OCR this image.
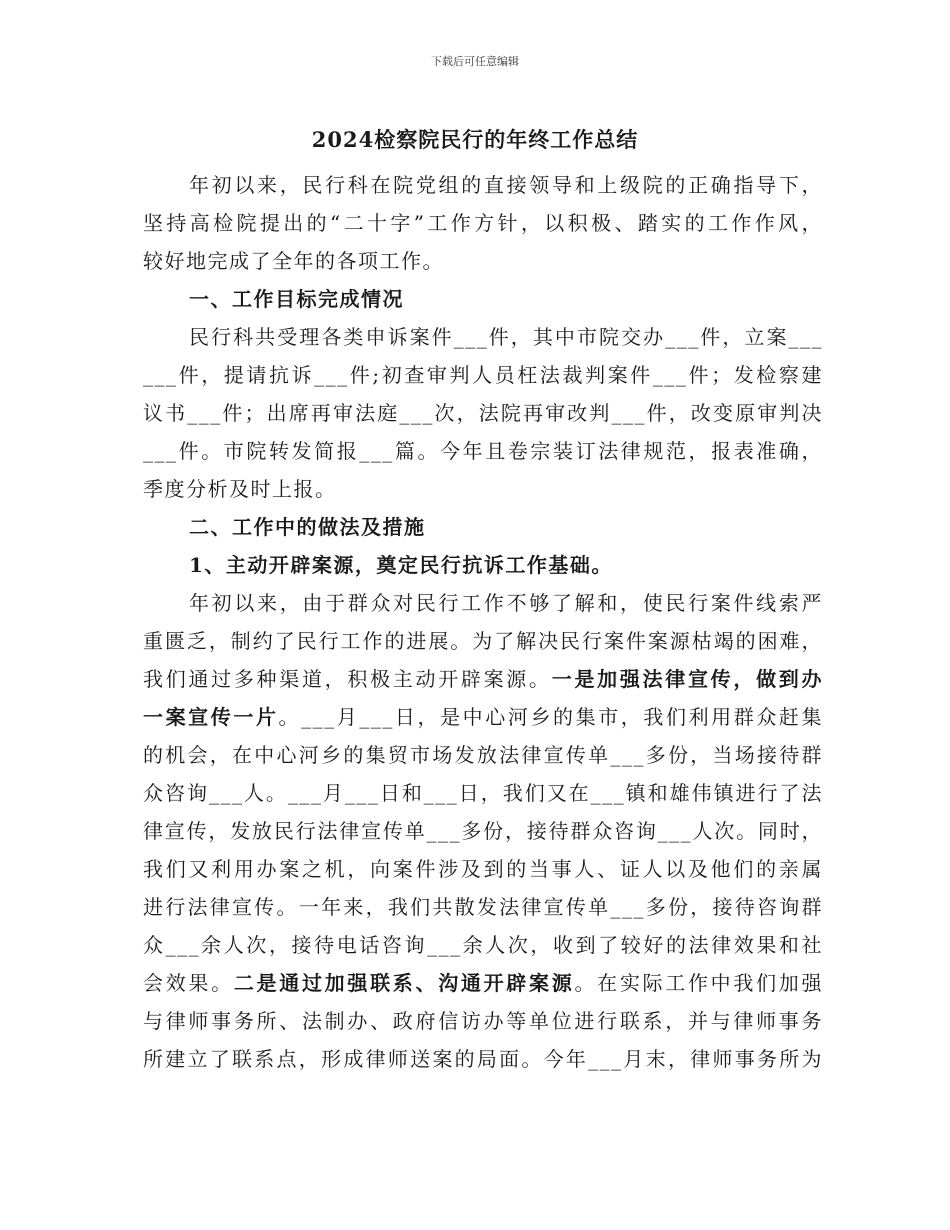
下载后可任意编辑
2024检察院民行的年终工作总结
年初以来，民行科在院党组的直接领导和上级院的正确指导下，
坚持高检院提出的“二十字”工作方针，以积极、踏实的工作作风，
较好地完成了全年的各项工作。
一、工作目标完成情况
民行科共受理各类申诉案件___件，其中市院交办___件，立案___
___件，提请抗诉___件;初查审判人员枉法裁判案件___件；发检察建
议书___件；出席再审法庭___次，法院再审改判___件，改变原审判决
___件。市院转发简报___篇。今年且卷宗装订法律规范，报表准确，
季度分析及时上报。
二、工作中的做法及措施
1、主动开辟案源，奠定民行抗诉工作基础。
年初以来，由于群众对民行工作不够了解和，使民行案件线索严
重匮乏，制约了民行工作的进展。为了解决民行案件案源枯竭的困难，
我们通过多种渠道，积极主动开辟案源。一是加强法律宣传，做到办
一案宣传一片。___月___日，是中心河乡的集市，我们利用群众赶集
的机会，在中心河乡的集贸市场发放法律宣传单___多份，当场接待群
众咨询___人。___月___日和___日，我们又在___镇和雄伟镇进行了法
律宣传，发放民行法律宣传单___多份，接待群众咨询___人次。同时，
我们又利用办案之机，向案件涉及到的当事人、证人以及他们的亲属
进行法律宣传。一年来，我们共散发法律宣传单___多份，接待咨询群
众___余人次，接待电话咨询___余人次，收到了较好的法律效果和社
会效果。二是通过加强联系、沟通开辟案源。在实际工作中我们加强
与律师事务所、法制办、政府信访办等单位进行联系，并与律师事务
所建立了联系点，形成律师送案的局面。今年___月末，律师事务所为
